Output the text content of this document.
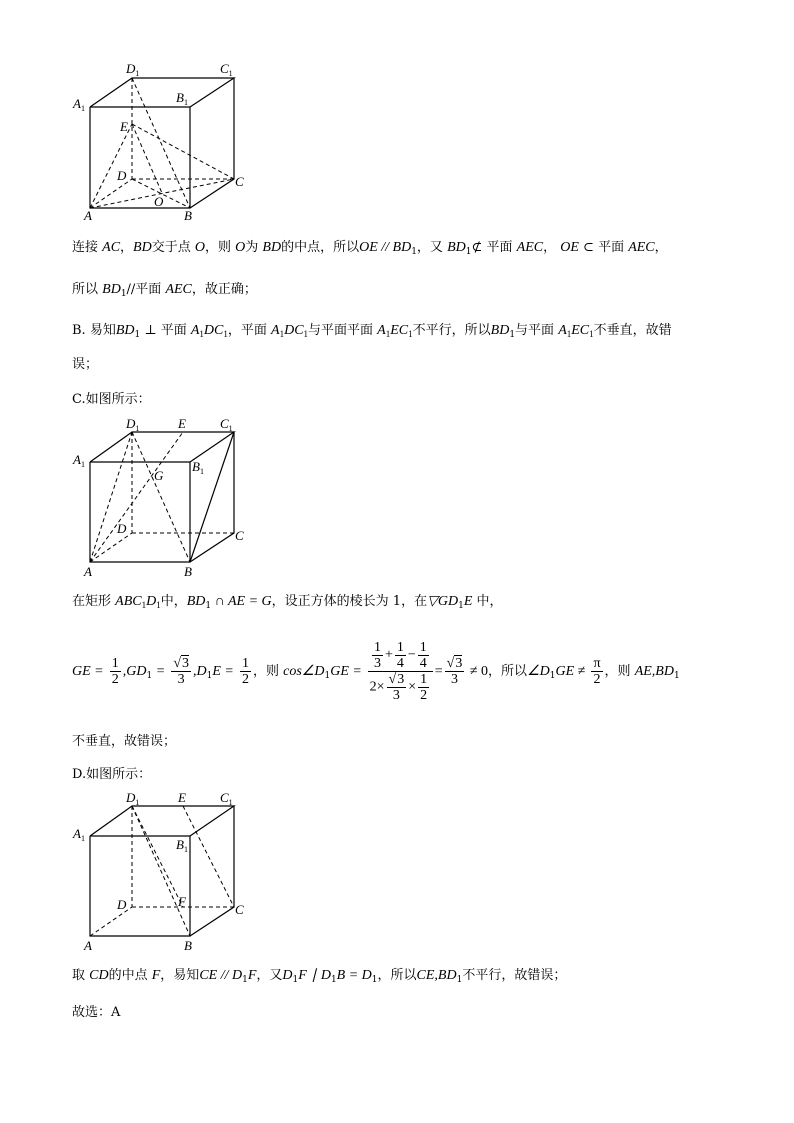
$D_1$	$C_1$
$A_1$
$B_1$
E
D	C
O
A	B
连接 AC，BD交于点 O，则 O为 BD的中点，所以OE // $BD_1$，又 $BD_1⊄$ 平面 AEC， OE ⊂ 平面 AEC，
所以 $BD_1//$平面 AEC，故正确；
B. 易知$BD_1$ ⊥ 平面 $A_1DC_1$，平面 $A_1DC_1$与平面平面 $A_1EC_1$不平行，所以$BD_1$与平面 $A_1EC_1$不垂直，故错
误；
C.如图所示：
$D_1$	E	$C_1$
$A_1$	$B_1$
G
D	C
A	B
在矩形 $ABC_1D_1$中，$BD_1$ ∩ AE = G，设正方体的棱长为 1，在$▽GD_1E$ 中，
GE = $\frac{1}{2} ,GD_1 = \frac{√3}{3} ,D_1E = \frac{1}{2}$ ，则 $\cos\angle D_1GE = \frac{\frac{1}{3} + \frac{1}{4} - \frac{1}{4}}{2\times \frac{√3}{3} \times \frac{1}{2}} = \frac{√3}{3} \ne 0$，所以$\angle D_1GE \ne \frac{\pi}{2}$ ，则 $AE,BD_1$
不垂直，故错误；
D.如图所示：
$D_1$	E	$C_1$
$A_1$	$B_1$
D	F
C
A	B
取 CD的中点 F，易知CE // $D_1F$，又$D_1F$ ∣ $D_1B = D_1$，所以$CE,BD_1$不平行，故错误；
故选：A
